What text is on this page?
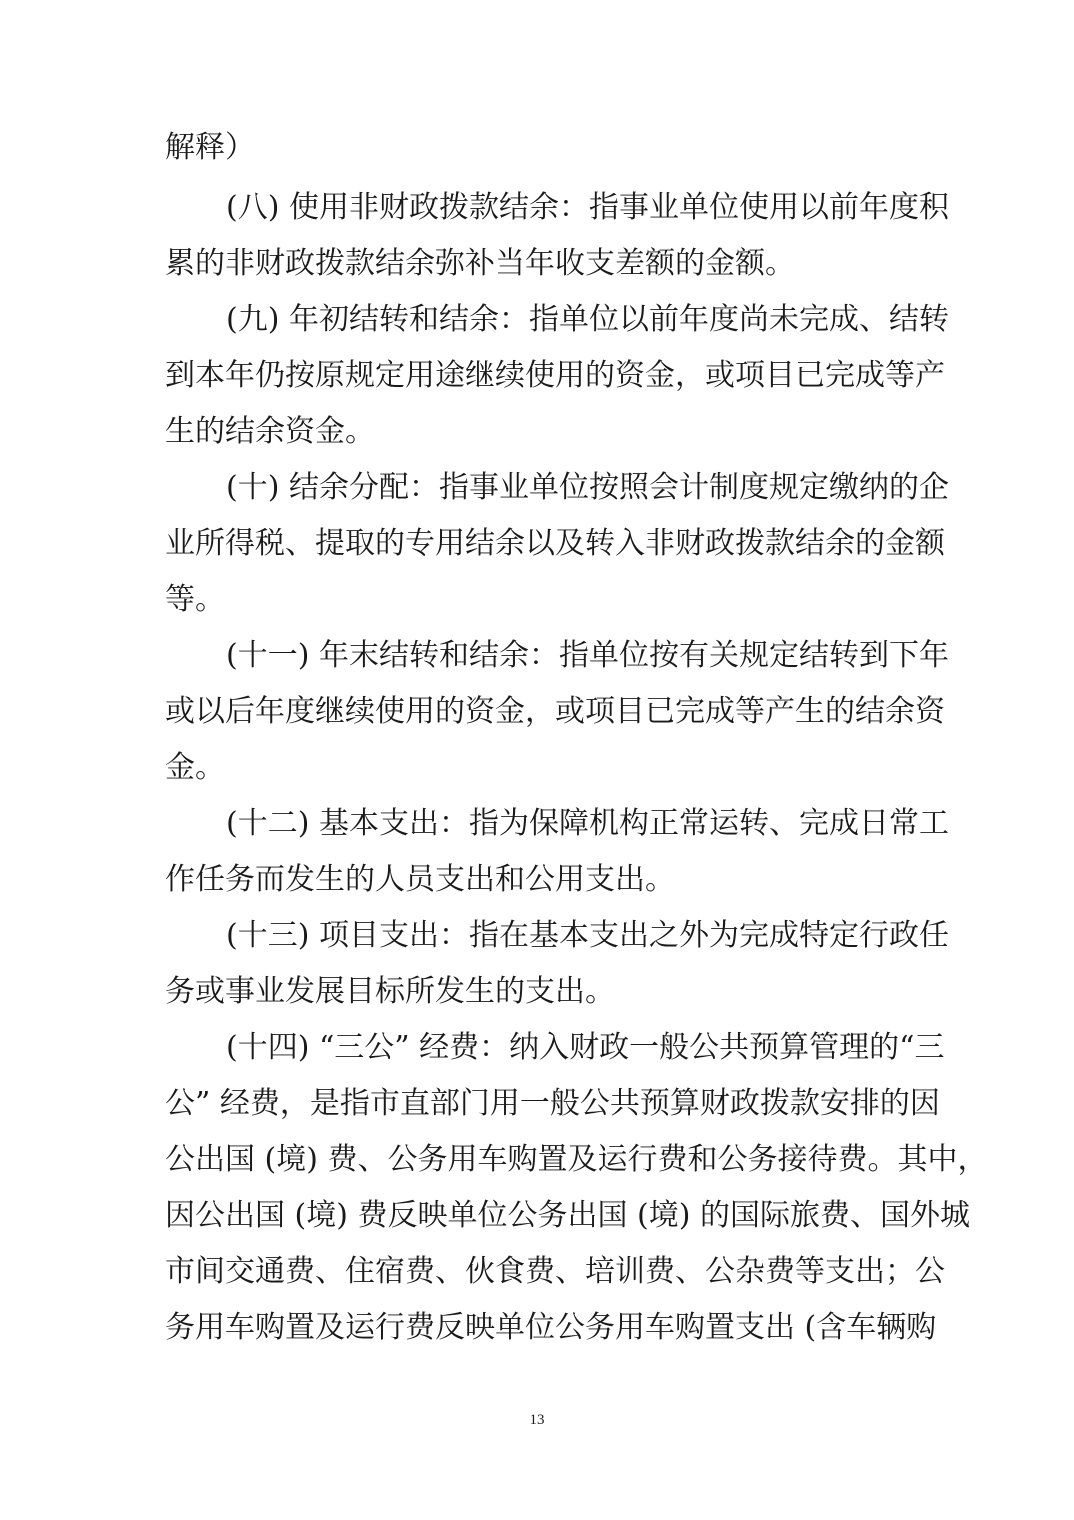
解释）
(八) 使用非财政拨款结余：指事业单位使用以前年度积
累的非财政拨款结余弥补当年收支差额的金额。
(九) 年初结转和结余：指单位以前年度尚未完成、结转
到本年仍按原规定用途继续使用的资金，或项目已完成等产
生的结余资金。
(十) 结余分配：指事业单位按照会计制度规定缴纳的企
业所得税、提取的专用结余以及转入非财政拨款结余的金额
等。
(十一) 年末结转和结余：指单位按有关规定结转到下年
或以后年度继续使用的资金，或项目已完成等产生的结余资
金。
(十二) 基本支出：指为保障机构正常运转、完成日常工
作任务而发生的人员支出和公用支出。
(十三) 项目支出：指在基本支出之外为完成特定行政任
务或事业发展目标所发生的支出。
(十四) “三公” 经费：纳入财政一般公共预算管理的“三
公” 经费，是指市直部门用一般公共预算财政拨款安排的因
公出国 (境) 费、公务用车购置及运行费和公务接待费。其中，
因公出国 (境) 费反映单位公务出国 (境) 的国际旅费、国外城
市间交通费、住宿费、伙食费、培训费、公杂费等支出；公
务用车购置及运行费反映单位公务用车购置支出 (含车辆购
13
